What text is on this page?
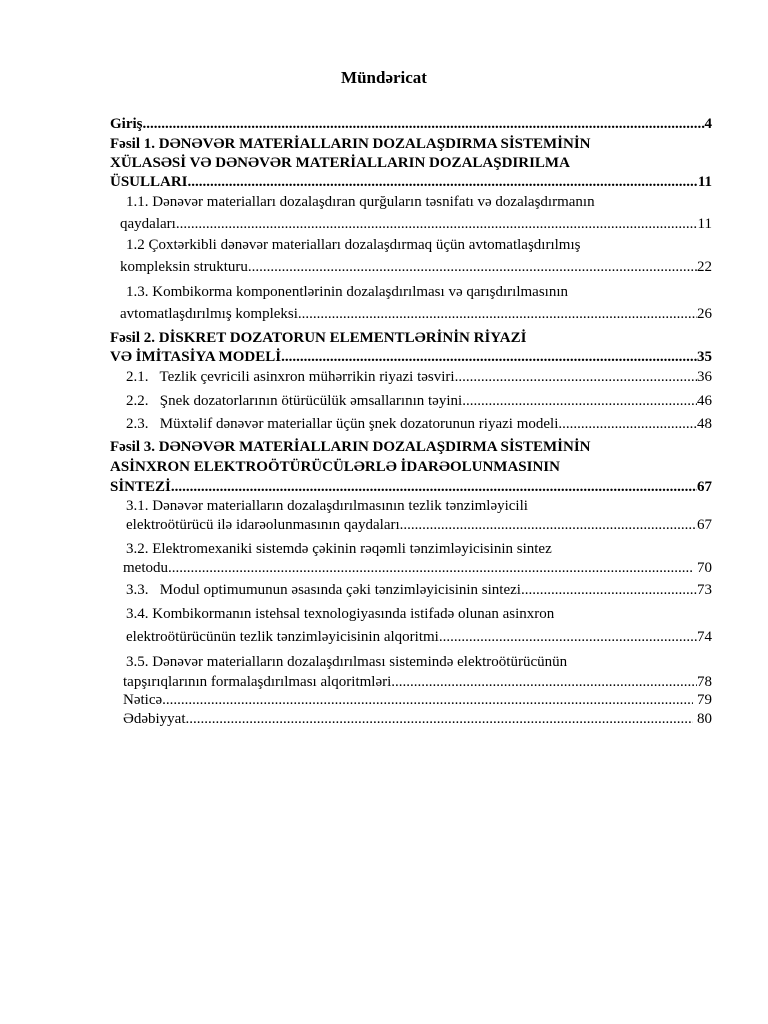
Mündəricat
Giriş .....	4
Fəsil 1. DƏNƏVƏR MATERİALLARIN DOZALAŞDIRMA SİSTEMİNİN
XÜLASƏSİ VƏ DƏNƏVƏR MATERİALLARIN DOZALAŞDIRILMA
ÜSULLARI .....	11
1.1. Dənəvər materialları dozalaşdıran qurğuların təsnifatı və dozalaşdırmanın
qaydaları .....	11
1.2 Çoxtərkibli dənəvər materialları dozalaşdırmaq üçün avtomatlaşdırılmış
kompleksin strukturu .....	22
1.3. Kombikorma komponentlərinin dozalaşdırılması və qarışdırılmasının
avtomatlaşdırılmış kompleksi .....	26
Fəsil 2. DİSKRET DOZATORUN ELEMENTLƏRİNİN RİYAZİ
VƏ İMİTASİYA MODELİ .....	35
2.1.   Tezlik çevricili asinxron mühərrikin riyazi təsviri .....	36
2.2.   Şnek dozatorlarının ötürücülük əmsallarının təyini .....	46
2.3.   Müxtəlif dənəvər materiallar üçün şnek dozatorunun riyazi modeli .....	48
Fəsil 3. DƏNƏVƏR MATERİALLARIN DOZALAŞDIRMA SİSTEMİNİN
ASİNXRON ELEKTROÖTÜRÜCÜLƏRLƏ İDARƏOLUNMASININ
SİNTEZİ .....	67
3.1. Dənəvər materialların dozalaşdırılmasının tezlik tənzimləyicili
elektroötürücü ilə idarəolunmasının qaydaları .....	67
3.2. Elektromexaniki sistemdə çəkinin rəqəmli tənzimləyicisinin sintez
metodu .....	70
3.3.   Modul optimumunun əsasında çəki tənzimləyicisinin sintezi .....	73
3.4. Kombikormanın istehsal texnologiyasında istifadə olunan asinxron
elektroötürücünün tezlik tənzimləyicisinin alqoritmi .....	74
3.5. Dənəvər materialların dozalaşdırılması sistemində elektroötürücünün
tapşırıqlarının formalaşdırılması alqoritmləri .....	78
Nəticə .....	79
Ədəbiyyat .....	80
